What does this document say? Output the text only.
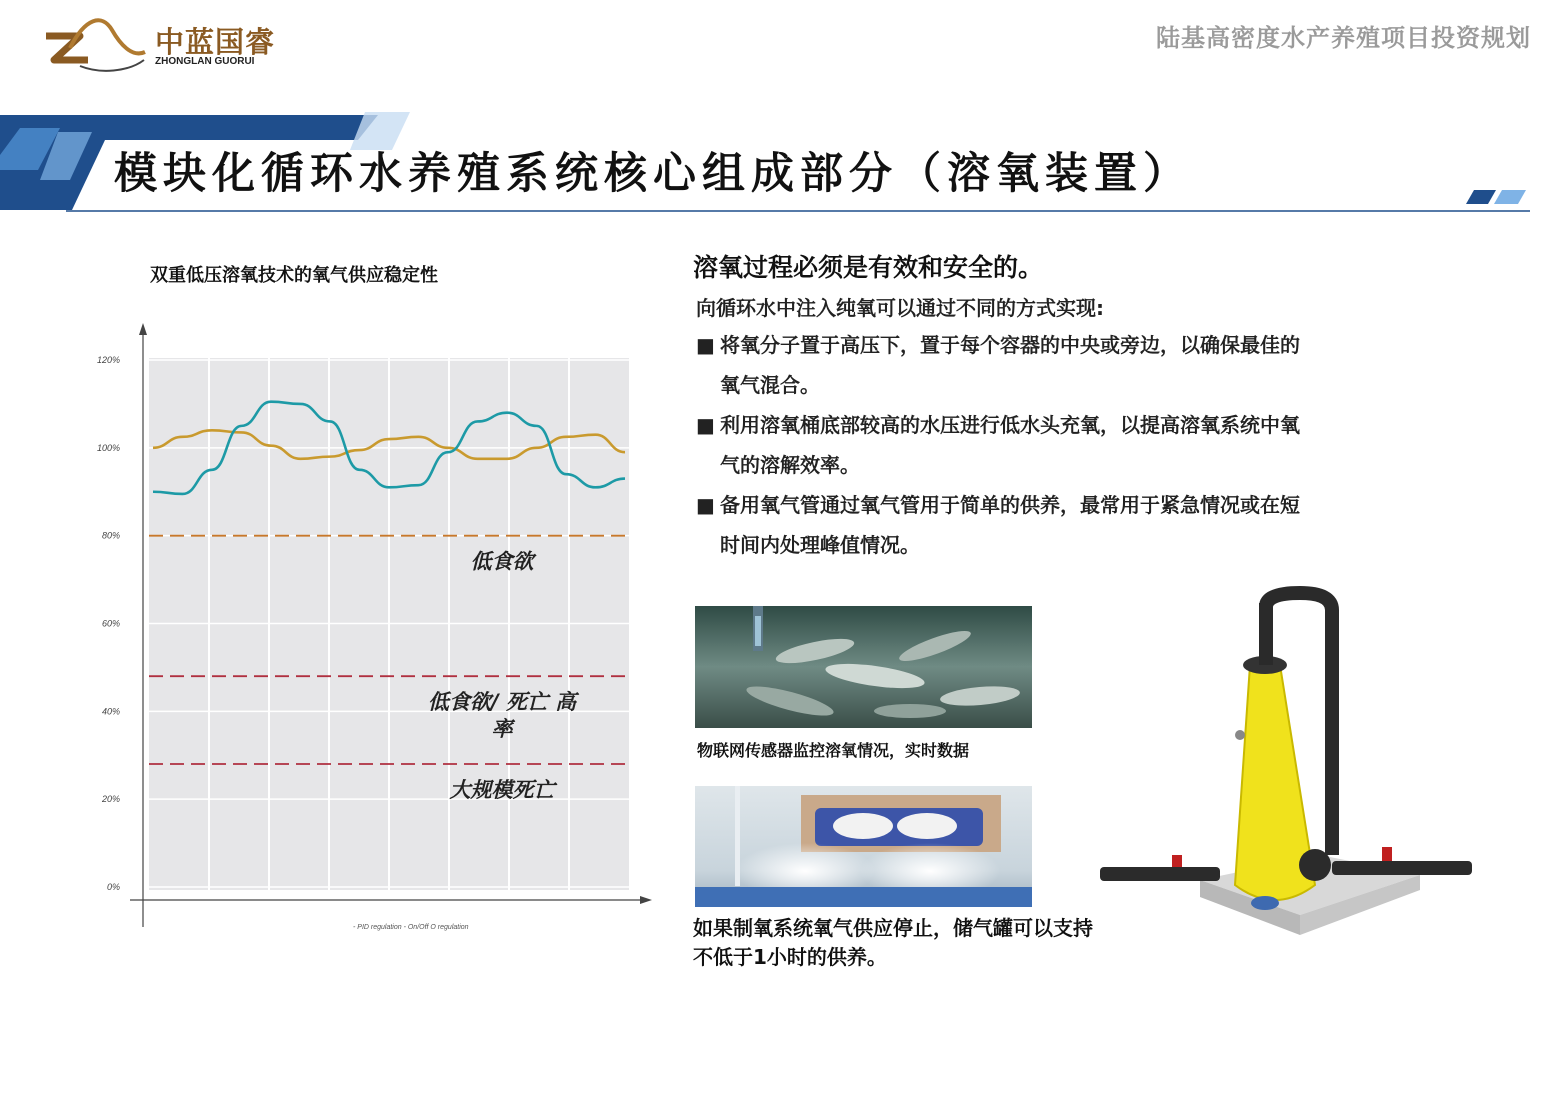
中蓝国睿
ZHONGLAN GUORUI
陆基高密度水产养殖项目投资规划
模块化循环水养殖系统核心组成部分（溶氧装置）
双重低压溶氧技术的氧气供应稳定性
120%
100%
80%
60%
40%
20%
0%
低食欲
低食欲/ 死亡 高率
大规模死亡
- PID regulation - On/Off O regulation
溶氧过程必须是有效和安全的。
向循环水中注入纯氧可以通过不同的方式实现:
■ 将氧分子置于高压下，置于每个容器的中央或旁边，以确保最佳的氧气混合。
■ 利用溶氧桶底部较高的水压进行低水头充氧，以提高溶氧系统中氧气的溶解效率。
■ 备用氧气管通过氧气管用于简单的供养，最常用于紧急情况或在短时间内处理峰值情况。
物联网传感器监控溶氧情况，实时数据
如果制氧系统氧气供应停止，储气罐可以支持不低于1小时的供养。
